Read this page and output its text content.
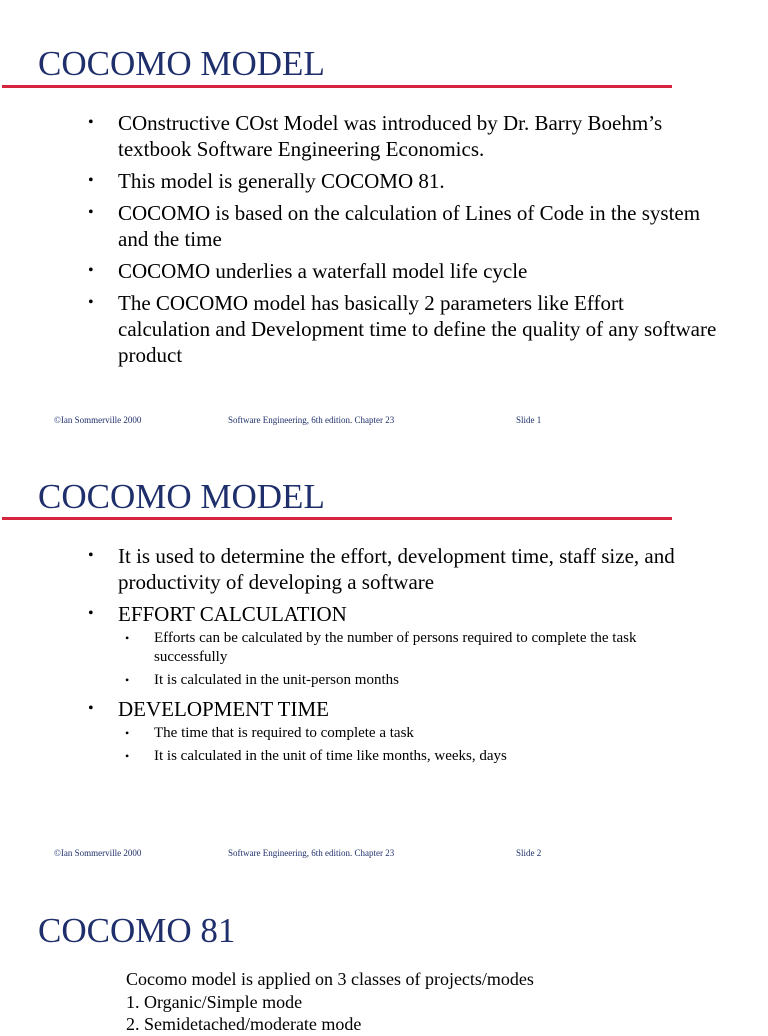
COCOMO MODEL
• COnstructive COst Model was introduced by Dr. Barry Boehm’s textbook Software Engineering Economics.
• This model is generally COCOMO 81.
• COCOMO is based on the calculation of Lines of Code in the system and the time
• COCOMO underlies a waterfall model life cycle
• The COCOMO model has basically 2 parameters like Effort calculation and Development time to define the quality of any software product
©Ian Sommerville 2000	Software Engineering, 6th edition. Chapter 23	Slide 1
COCOMO MODEL
• It is used to determine the effort, development time, staff size, and productivity of developing a software
• EFFORT CALCULATION
• Efforts can be calculated by the number of persons required to complete the task successfully
• It is calculated in the unit-person months
• DEVELOPMENT TIME
• The time that is required to complete a task
• It is calculated in the unit of time like months, weeks, days
©Ian Sommerville 2000	Software Engineering, 6th edition. Chapter 23	Slide 2
COCOMO 81
Cocomo model is applied on 3 classes of projects/modes
1. Organic/Simple mode
2. Semidetached/moderate mode
